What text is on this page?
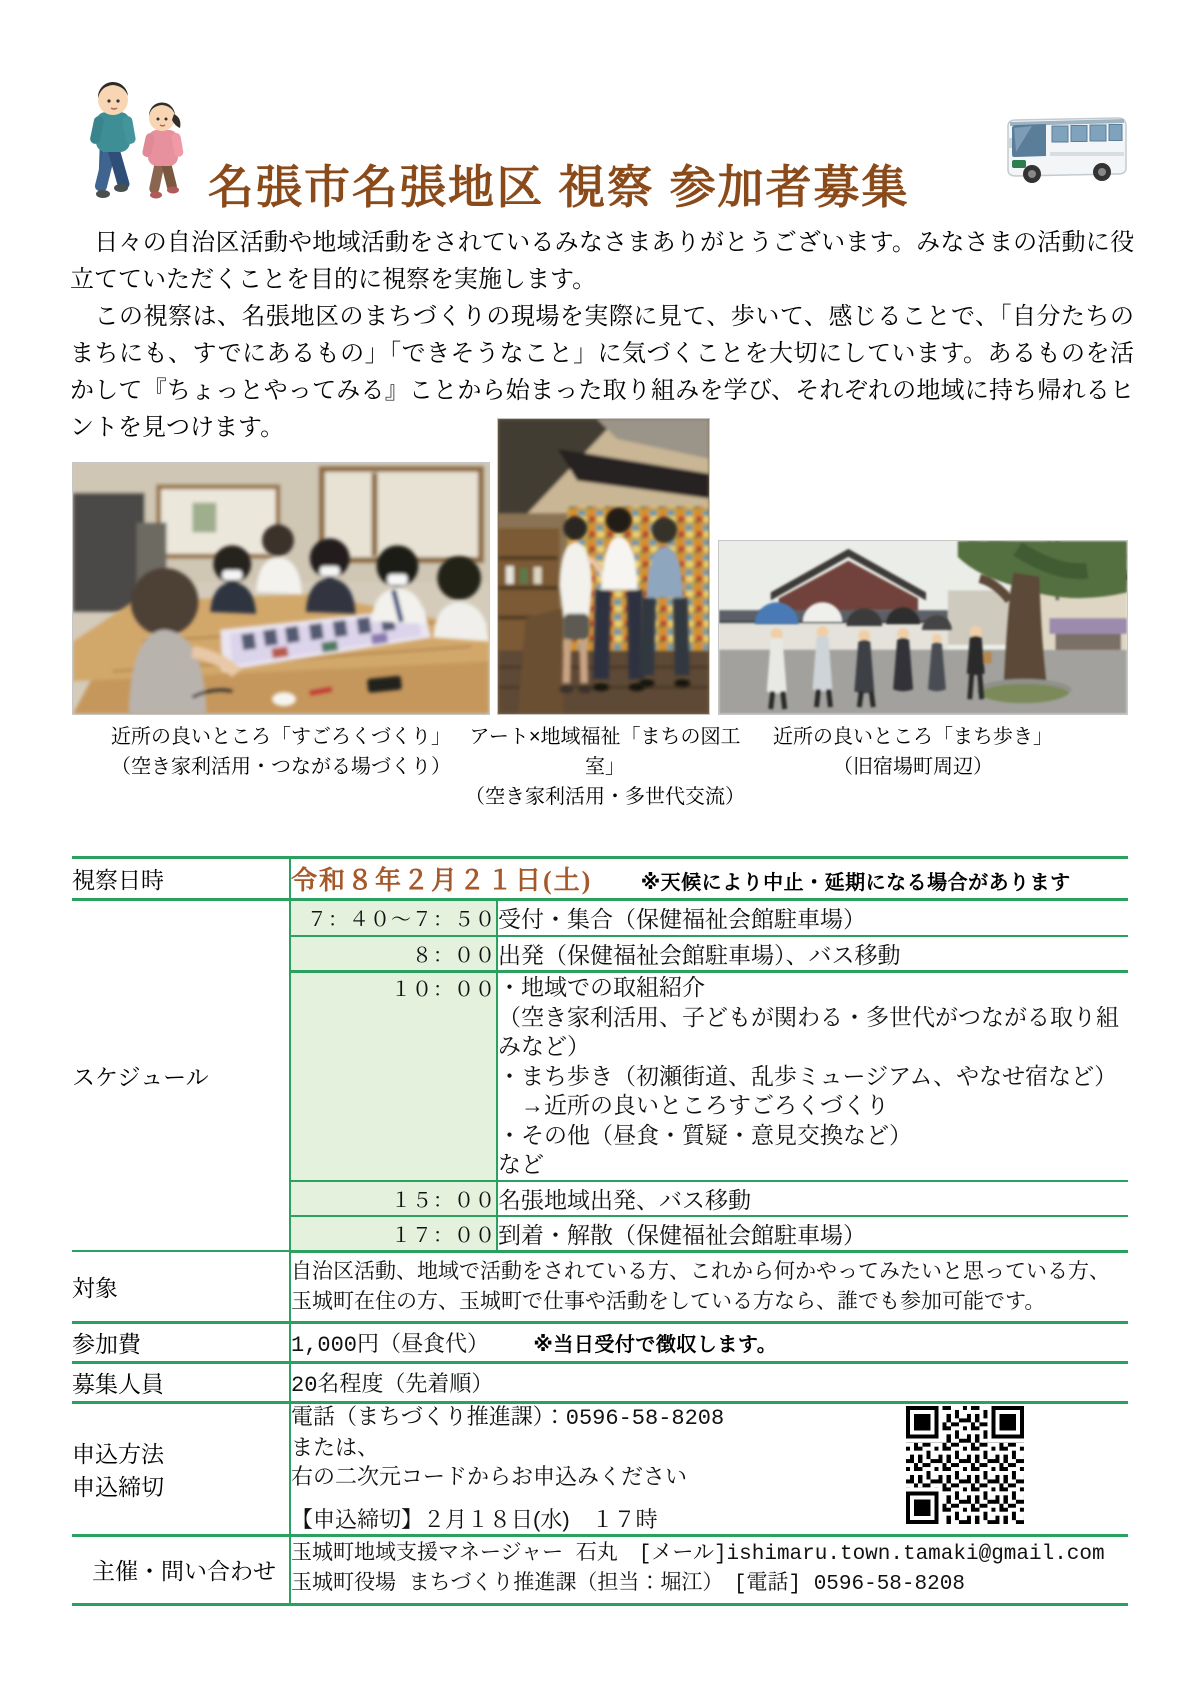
名張市名張地区 視察 参加者募集

　日々の自治区活動や地域活動をされているみなさまありがとうございます。みなさまの活動に役立てていただくことを目的に視察を実施します。

　この視察は、名張地区のまちづくりの現場を実際に見て、歩いて、感じることで、「自分たちのまちにも、すでにあるもの」「できそうなこと」に気づくことを大切にしています。あるものを活かして『ちょっとやってみる』ことから始まった取り組みを学び、それぞれの地域に持ち帰れるヒントを見つけます。

近所の良いところ「すごろくづくり」
（空き家利活用・つながる場づくり）
アート×地域福祉「まちの図工室」
（空き家利活用・多世代交流）
近所の良いところ「まち歩き」
（旧宿場町周辺）
視察日時	令和８年２月２１日(土) ※天候により中止・延期になる場合があります	
スケジュール	７：４０～７：５０	受付・集合（保健福祉会館駐車場）
	８：００	出発（保健福祉会館駐車場）、バス移動
１０：００	・地域での取組紹介
（空き家利活用、子どもが関わる・多世代がつながる取り組みなど）
・まち歩き（初瀬街道、乱歩ミュージアム、やなせ宿など）
　→近所の良いところすごろくづくり
・その他（昼食・質疑・意見交換など）
など

	１５：００	名張地域出発、バス移動
	１７：００	到着・解散（保健福祉会館駐車場）
対象	自治区活動、地域で活動をされている方、これから何かやってみたいと思っている方、玉城町在住の方、玉城町で仕事や活動をしている方なら、誰でも参加可能です。	

参加費	1,000円（昼食代） ※当日受付で徴収します。	
募集人員	20名程度（先着順）	

申込方法
申込締切

電話（まちづくり推進課）：0596-58-8208
または、
右の二次元コードからお申込みください
【申込締切】２月１８日(水)　１７時

主催・問い合わせ	玉城町地域支援マネージャー 石丸　[メール]ishimaru.town.tamaki@gmail.com
玉城町役場 まちづくり推進課（担当：堀江）　[電話] 0596-58-8208	
